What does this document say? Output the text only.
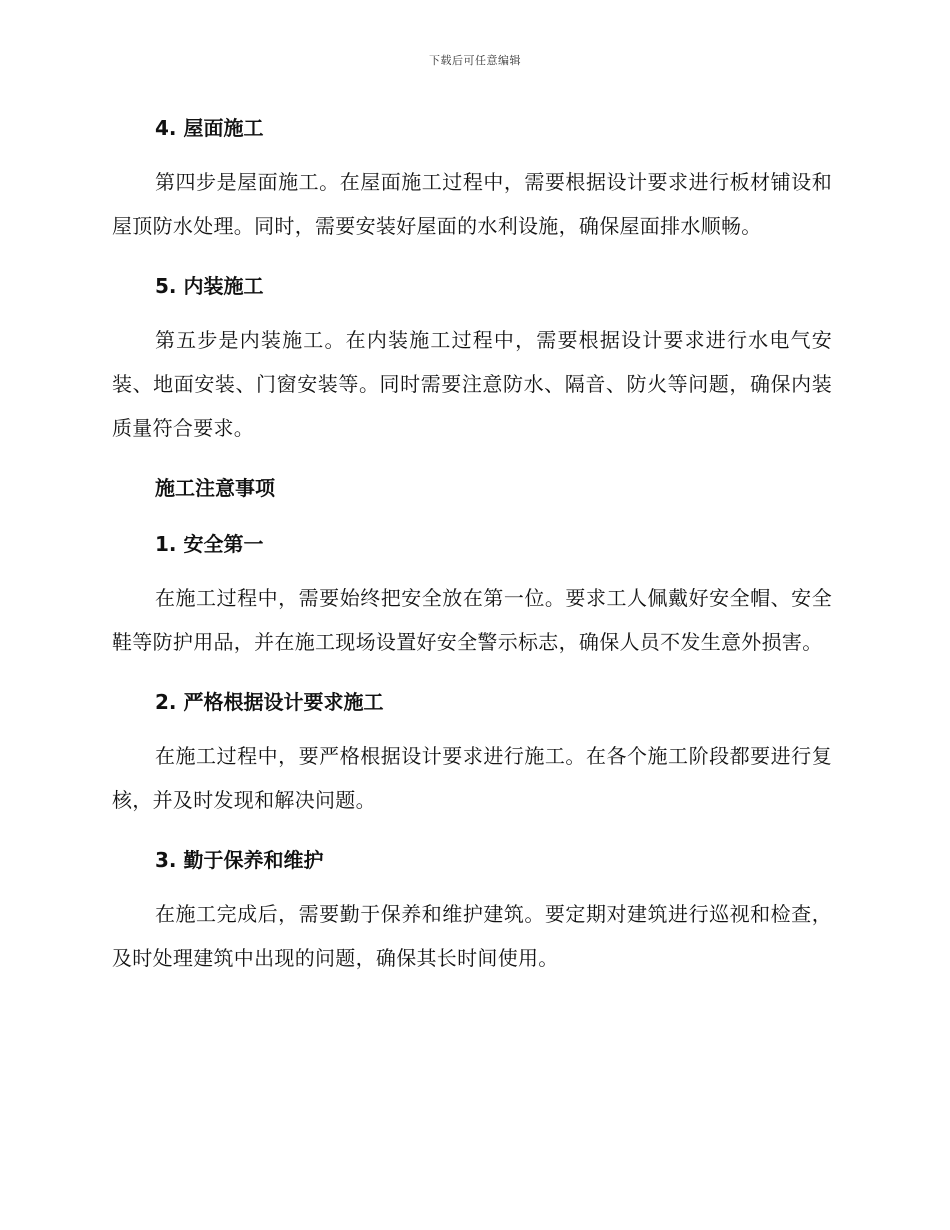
下载后可任意编辑
4. 屋面施工

第四步是屋面施工。在屋面施工过程中，需要根据设计要求进行板材铺设和屋顶防水处理。同时，需要安装好屋面的水利设施，确保屋面排水顺畅。

5. 内装施工

第五步是内装施工。在内装施工过程中，需要根据设计要求进行水电气安装、地面安装、门窗安装等。同时需要注意防水、隔音、防火等问题，确保内装质量符合要求。

施工注意事项
1. 安全第一

在施工过程中，需要始终把安全放在第一位。要求工人佩戴好安全帽、安全鞋等防护用品，并在施工现场设置好安全警示标志，确保人员不发生意外损害。

2. 严格根据设计要求施工

在施工过程中，要严格根据设计要求进行施工。在各个施工阶段都要进行复核，并及时发现和解决问题。

3. 勤于保养和维护

在施工完成后，需要勤于保养和维护建筑。要定期对建筑进行巡视和检查，及时处理建筑中出现的问题，确保其长时间使用。
